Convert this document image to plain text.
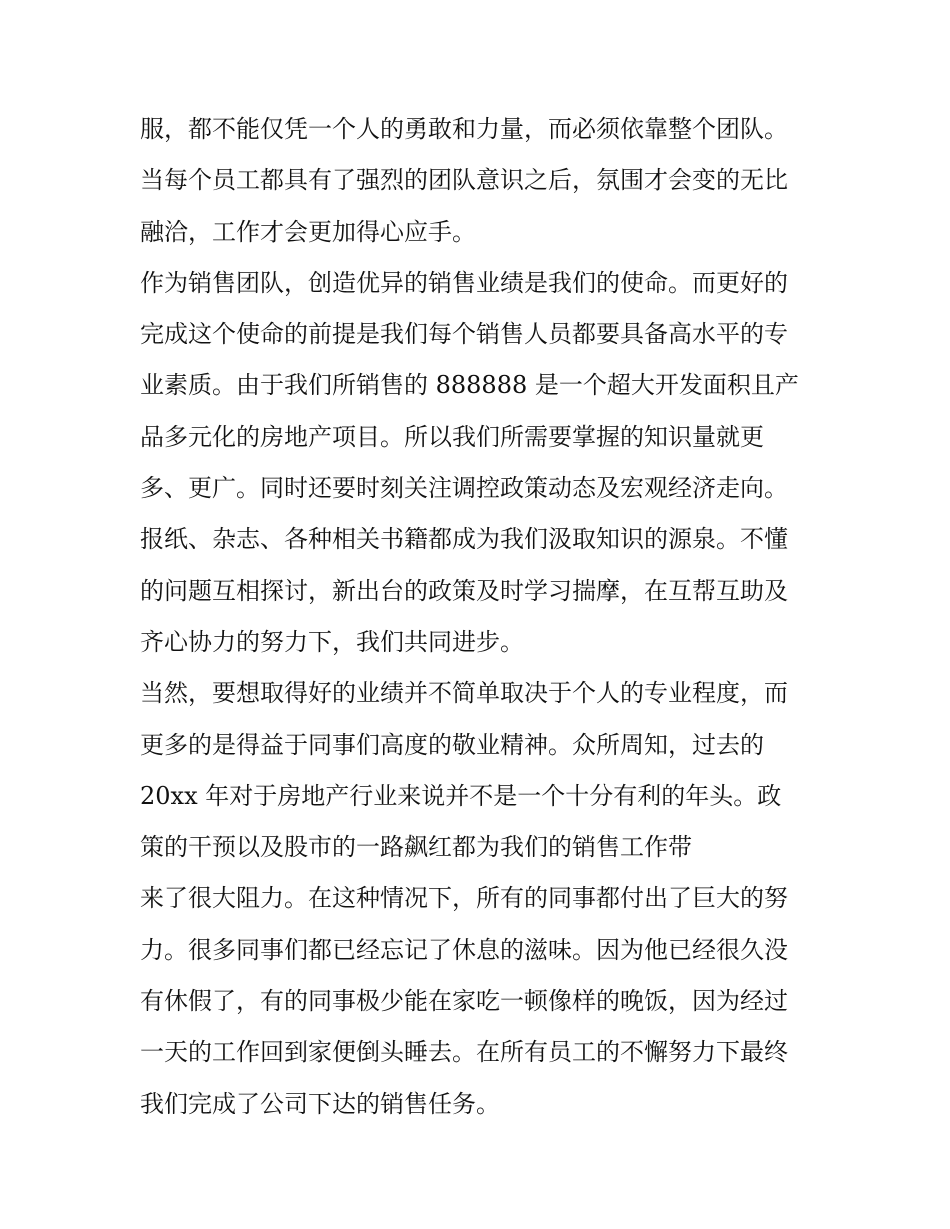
服，都不能仅凭一个人的勇敢和力量，而必须依靠整个团队。
当每个员工都具有了强烈的团队意识之后，氛围才会变的无比
融洽，工作才会更加得心应手。
作为销售团队，创造优异的销售业绩是我们的使命。而更好的
完成这个使命的前提是我们每个销售人员都要具备高水平的专
业素质。由于我们所销售的 888888 是一个超大开发面积且产
品多元化的房地产项目。所以我们所需要掌握的知识量就更
多、更广。同时还要时刻关注调控政策动态及宏观经济走向。
报纸、杂志、各种相关书籍都成为我们汲取知识的源泉。不懂
的问题互相探讨，新出台的政策及时学习揣摩，在互帮互助及
齐心协力的努力下，我们共同进步。
当然，要想取得好的业绩并不简单取决于个人的专业程度，而
更多的是得益于同事们高度的敬业精神。众所周知，过去的
20xx 年对于房地产行业来说并不是一个十分有利的年头。政
策的干预以及股市的一路飙红都为我们的销售工作带
来了很大阻力。在这种情况下，所有的同事都付出了巨大的努
力。很多同事们都已经忘记了休息的滋味。因为他已经很久没
有休假了，有的同事极少能在家吃一顿像样的晚饭，因为经过
一天的工作回到家便倒头睡去。在所有员工的不懈努力下最终
我们完成了公司下达的销售任务。
